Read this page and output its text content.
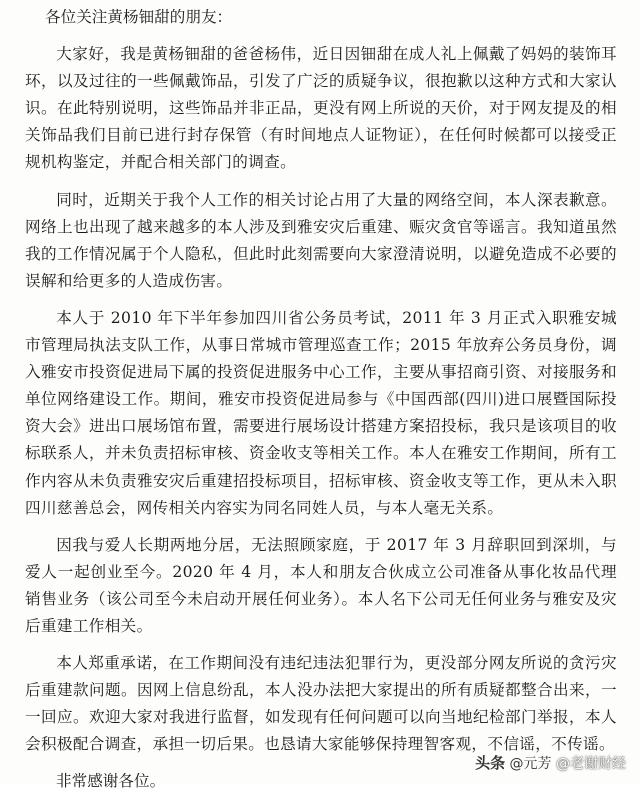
各位关注黄杨钿甜的朋友：

大家好，我是黄杨钿甜的爸爸杨伟，近日因钿甜在成人礼上佩戴了妈妈的装饰耳环，以及过往的一些佩戴饰品，引发了广泛的质疑争议，很抱歉以这种方式和大家认识。在此特别说明，这些饰品并非正品，更没有网上所说的天价，对于网友提及的相关饰品我们目前已进行封存保管（有时间地点人证物证），在任何时候都可以接受正规机构鉴定，并配合相关部门的调查。

同时，近期关于我个人工作的相关讨论占用了大量的网络空间，本人深表歉意。网络上也出现了越来越多的本人涉及到雅安灾后重建、赈灾贪官等谣言。我知道虽然我的工作情况属于个人隐私，但此时此刻需要向大家澄清说明，以避免造成不必要的误解和给更多的人造成伤害。

本人于 2010 年下半年参加四川省公务员考试，2011 年 3 月正式入职雅安城市管理局执法支队工作，从事日常城市管理巡查工作；2015 年放弃公务员身份，调入雅安市投资促进局下属的投资促进服务中心工作，主要从事招商引资、对接服务和单位网络建设工作。期间，雅安市投资促进局参与《中国西部(四川)进口展暨国际投资大会》进出口展场馆布置，需要进行展场设计搭建方案招投标，我只是该项目的收标联系人，并未负责招标审核、资金收支等相关工作。本人在雅安工作期间，所有工作内容从未负责雅安灾后重建招投标项目，招标审核、资金收支等工作，更从未入职四川慈善总会，网传相关内容实为同名同姓人员，与本人毫无关系。

因我与爱人长期两地分居，无法照顾家庭，于 2017 年 3 月辞职回到深圳，与爱人一起创业至今。2020 年 4 月，本人和朋友合伙成立公司准备从事化妆品代理销售业务（该公司至今未启动开展任何业务）。本人名下公司无任何业务与雅安及灾后重建工作相关。

本人郑重承诺，在工作期间没有违纪违法犯罪行为，更没部分网友所说的贪污灾后重建款问题。因网上信息纷乱，本人没办法把大家提出的所有质疑都整合出来，一一回应。欢迎大家对我进行监督，如发现有任何问题可以向当地纪检部门举报，本人会积极配合调查，承担一切后果。也恳请大家能够保持理智客观，不信谣，不传谣。

非常感谢各位。

头条 @元芳 @老谢财经
